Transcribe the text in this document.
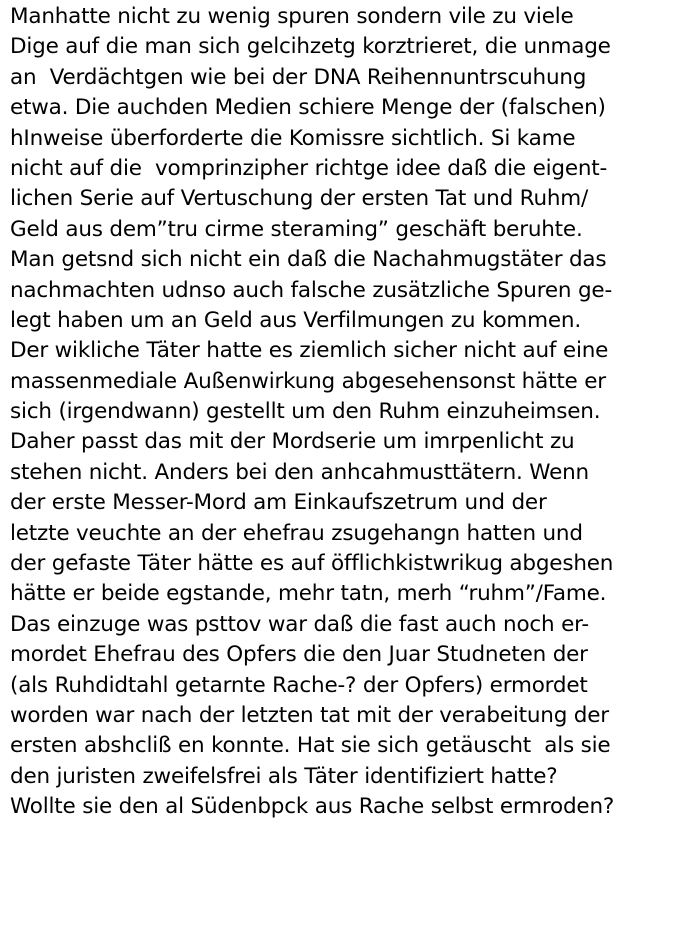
Manhatte nicht zu wenig spuren sondern vile zu viele
Dige auf die man sich gelcihzetg korztrieret, die unmage
an  Verdächtgen wie bei der DNA Reihennuntrscuhung
etwa. Die auchden Medien schiere Menge der (falschen)
hInweise überforderte die Komissre sichtlich. Si kame
nicht auf die  vomprinzipher richtge idee daß die eigent-
lichen Serie auf Vertuschung der ersten Tat und Ruhm/
Geld aus dem”tru cirme steraming” geschäft beruhte.
Man getsnd sich nicht ein daß die Nachahmugstäter das
nachmachten udnso auch falsche zusätzliche Spuren ge-
legt haben um an Geld aus Verfilmungen zu kommen.
Der wikliche Täter hatte es ziemlich sicher nicht auf eine
massenmediale Außenwirkung abgesehensonst hätte er
sich (irgendwann) gestellt um den Ruhm einzuheimsen.
Daher passt das mit der Mordserie um imrpenlicht zu
stehen nicht. Anders bei den anhcahmusttätern. Wenn
der erste Messer-Mord am Einkaufszetrum und der
letzte veuchte an der ehefrau zsugehangn hatten und
der gefaste Täter hätte es auf öfflichkistwrikug abgeshen
hätte er beide egstande, mehr tatn, merh “ruhm”/Fame.
Das einzuge was psttov war daß die fast auch noch er-
mordet Ehefrau des Opfers die den Juar Studneten der
(als Ruhdidtahl getarnte Rache-? der Opfers) ermordet
worden war nach der letzten tat mit der verabeitung der
ersten abshcliß en konnte. Hat sie sich getäuscht  als sie
den juristen zweifelsfrei als Täter identifiziert hatte?
Wollte sie den al Südenbpck aus Rache selbst ermroden?
